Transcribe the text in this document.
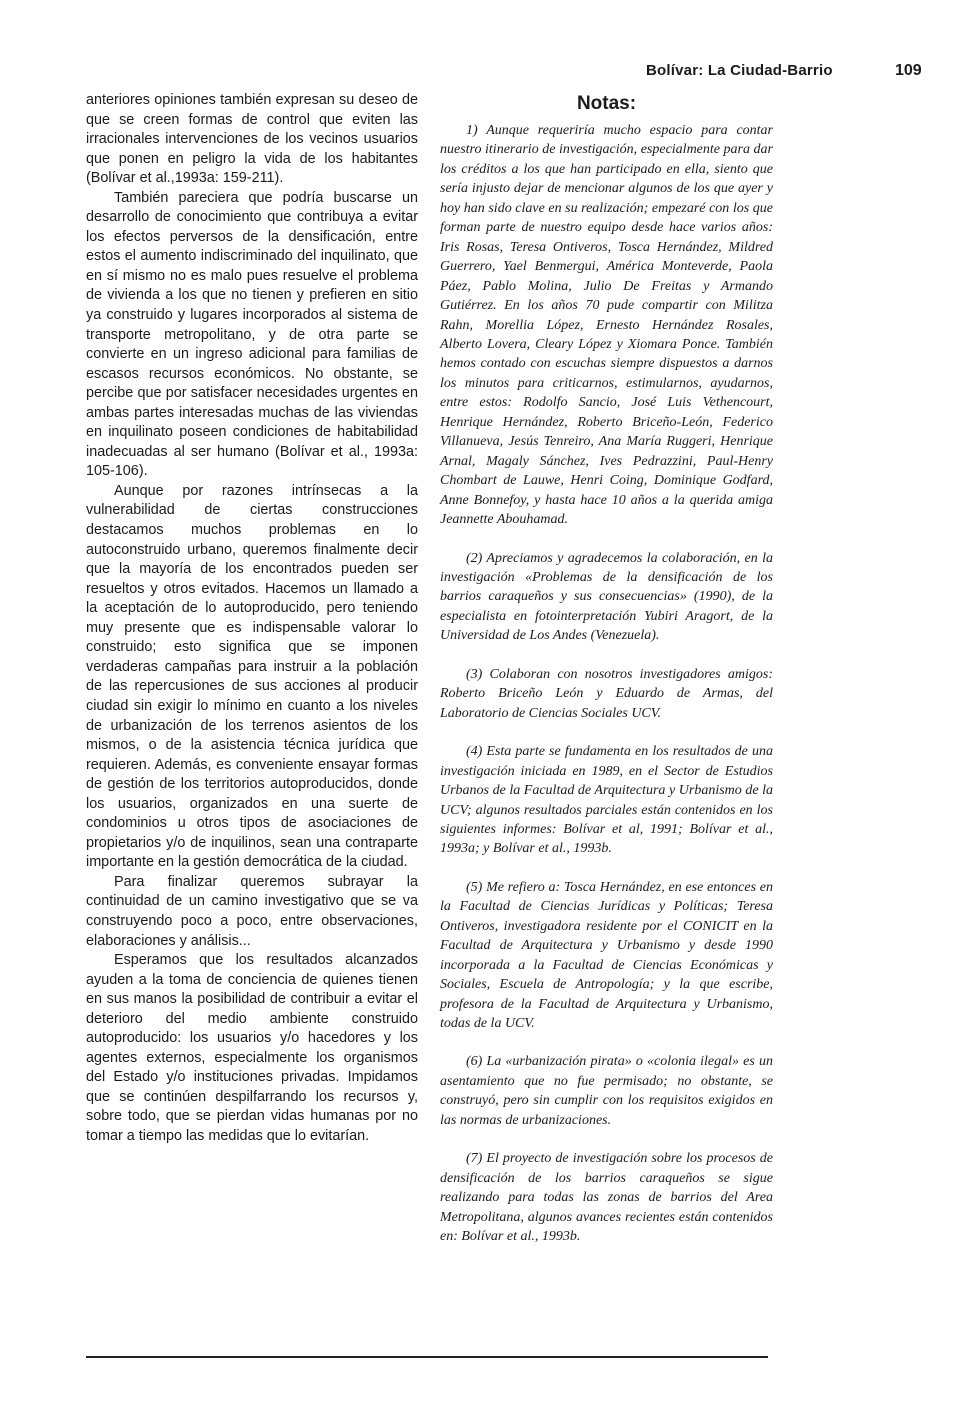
Bolívar: La Ciudad-Barrio	109

anteriores opiniones también expresan su deseo de que se creen formas de control que eviten las irracionales intervenciones de los vecinos usuarios que ponen en peligro la vida de los habitantes (Bolívar et al.,1993a: 159-211).

También pareciera que podría buscarse un desarrollo de conocimiento que contribuya a evitar los efectos perversos de la densificación, entre estos el aumento indiscriminado del inquilinato, que en sí mismo no es malo pues resuelve el problema de vivienda a los que no tienen y prefieren en sitio ya construido y lugares incorporados al sistema de transporte metropolitano, y de otra parte se convierte en un ingreso adicional para familias de escasos recursos económicos. No obstante, se percibe que por satisfacer necesidades urgentes en ambas partes interesadas muchas de las viviendas en inquilinato poseen condiciones de habitabilidad inadecuadas al ser humano (Bolívar et al., 1993a: 105-106).

Aunque por razones intrínsecas a la vulnerabilidad de ciertas construcciones destacamos muchos problemas en lo autoconstruido urbano, queremos finalmente decir que la mayoría de los encontrados pueden ser resueltos y otros evitados. Hacemos un llamado a la aceptación de lo autoproducido, pero teniendo muy presente que es indispensable valorar lo construido; esto significa que se imponen verdaderas campañas para instruir a la población de las repercusiones de sus acciones al producir ciudad sin exigir lo mínimo en cuanto a los niveles de urbanización de los terrenos asientos de los mismos, o de la asistencia técnica jurídica que requieren. Además, es conveniente ensayar formas de gestión de los territorios autoproducidos, donde los usuarios, organizados en una suerte de condominios u otros tipos de asociaciones de propietarios y/o de inquilinos, sean una contraparte importante en la gestión democrática de la ciudad.

Para finalizar queremos subrayar la continuidad de un camino investigativo que se va construyendo poco a poco, entre observaciones, elaboraciones y análisis...

Esperamos que los resultados alcanzados ayuden a la toma de conciencia de quienes tienen en sus manos la posibilidad de contribuir a evitar el deterioro del medio ambiente construido autoproducido: los usuarios y/o hacedores y los agentes externos, especialmente los organismos del Estado y/o instituciones privadas. Impidamos que se continúen despilfarrando los recursos y, sobre todo, que se pierdan vidas humanas por no tomar a tiempo las medidas que lo evitarían.

Notas:

1) Aunque requeriría mucho espacio para contar nuestro itinerario de investigación, especialmente para dar los créditos a los que han participado en ella, siento que sería injusto dejar de mencionar algunos de los que ayer y hoy han sido clave en su realización; empezaré con los que forman parte de nuestro equipo desde hace varios años: Iris Rosas, Teresa Ontiveros, Tosca Hernández, Mildred Guerrero, Yael Benmergui, América Monteverde, Paola Páez, Pablo Molina, Julio De Freitas y Armando Gutiérrez. En los años 70 pude compartir con Militza Rahn, Morellia López, Ernesto Hernández Rosales, Alberto Lovera, Cleary López y Xiomara Ponce. También hemos contado con escuchas siempre dispuestos a darnos los minutos para criticarnos, estimularnos, ayudarnos, entre estos: Rodolfo Sancio, José Luis Vethencourt, Henrique Hernández, Roberto Briceño-León, Federico Villanueva, Jesús Tenreiro, Ana María Ruggeri, Henrique Arnal, Magaly Sánchez, Ives Pedrazzini, Paul-Henry Chombart de Lauwe, Henri Coing, Dominique Godfard, Anne Bonnefoy, y hasta hace 10 años a la querida amiga Jeannette Abouhamad.

(2) Apreciamos y agradecemos la colaboración, en la investigación «Problemas de la densificación de los barrios caraqueños y sus consecuencias» (1990), de la especialista en fotointerpretación Yubiri Aragort, de la Universidad de Los Andes (Venezuela).

(3) Colaboran con nosotros investigadores amigos: Roberto Briceño León y Eduardo de Armas, del Laboratorio de Ciencias Sociales UCV.

(4) Esta parte se fundamenta en los resultados de una investigación iniciada en 1989, en el Sector de Estudios Urbanos de la Facultad de Arquitectura y Urbanismo de la UCV; algunos resultados parciales están contenidos en los siguientes informes: Bolívar et al, 1991; Bolívar et al., 1993a; y Bolívar et al., 1993b.

(5) Me refiero a: Tosca Hernández, en ese entonces en la Facultad de Ciencias Jurídicas y Políticas; Teresa Ontiveros, investigadora residente por el CONICIT en la Facultad de Arquitectura y Urbanismo y desde 1990 incorporada a la Facultad de Ciencias Económicas y Sociales, Escuela de Antropología; y la que escribe, profesora de la Facultad de Arquitectura y Urbanismo, todas de la UCV.

(6) La «urbanización pirata» o «colonia ilegal» es un asentamiento que no fue permisado; no obstante, se construyó, pero sin cumplir con los requisitos exigidos en las normas de urbanizaciones.

(7) El proyecto de investigación sobre los procesos de densificación de los barrios caraqueños se sigue realizando para todas las zonas de barrios del Area Metropolitana, algunos avances recientes están contenidos en: Bolívar et al., 1993b.
